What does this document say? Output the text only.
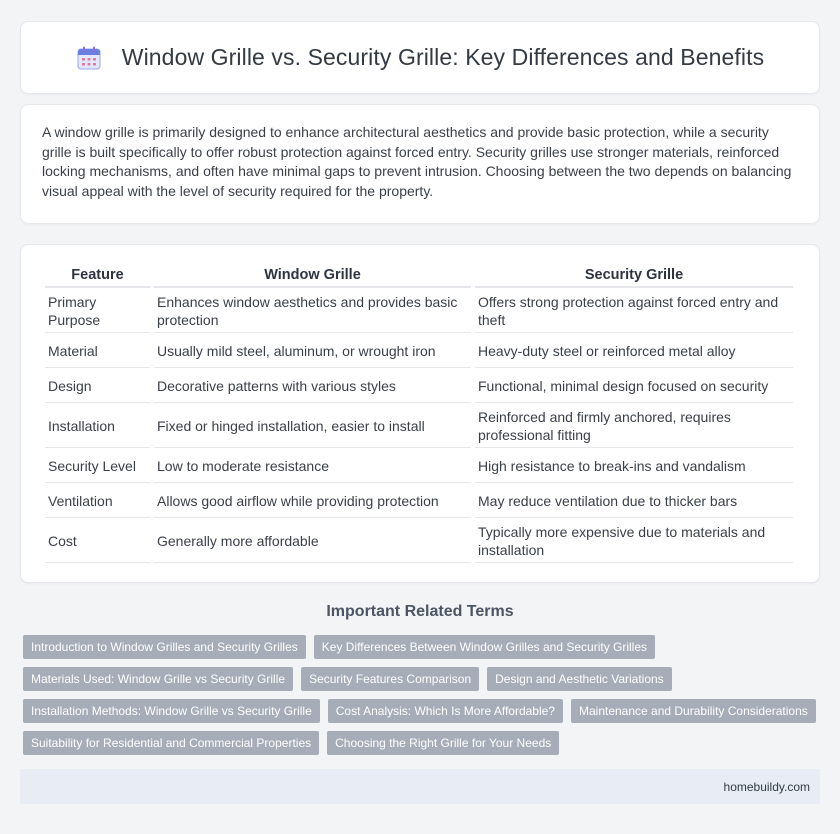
Window Grille vs. Security Grille: Key Differences and Benefits

A window grille is primarily designed to enhance architectural aesthetics and provide basic protection, while a security grille is built specifically to offer robust protection against forced entry. Security grilles use stronger materials, reinforced locking mechanisms, and often have minimal gaps to prevent intrusion. Choosing between the two depends on balancing visual appeal with the level of security required for the property.

Feature	Window Grille	Security Grille
Primary Purpose	Enhances window aesthetics and provides basic protection	Offers strong protection against forced entry and theft
Material	Usually mild steel, aluminum, or wrought iron	Heavy-duty steel or reinforced metal alloy
Design	Decorative patterns with various styles	Functional, minimal design focused on security
Installation	Fixed or hinged installation, easier to install	Reinforced and firmly anchored, requires professional fitting
Security Level	Low to moderate resistance	High resistance to break-ins and vandalism
Ventilation	Allows good airflow while providing protection	May reduce ventilation due to thicker bars
Cost	Generally more affordable	Typically more expensive due to materials and installation
Important Related Terms
Introduction to Window Grilles and Security Grilles	Key Differences Between Window Grilles and Security Grilles
Materials Used: Window Grille vs Security Grille	Security Features Comparison	Design and Aesthetic Variations
Installation Methods: Window Grille vs Security Grille	Cost Analysis: Which Is More Affordable?	Maintenance and Durability Considerations
Suitability for Residential and Commercial Properties	Choosing the Right Grille for Your Needs
homebuildy.com
